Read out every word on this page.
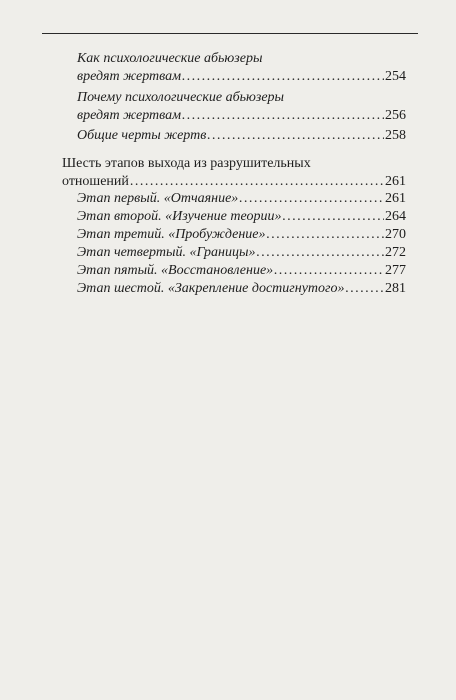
Как психологические абьюзеры
вредят жертвам .....	254
Почему психологические абьюзеры
вредят жертвам .....	256
Общие черты жертв .....	258
Шесть этапов выхода из разрушительных
отношений .....	261
Этап первый. «Отчаяние» .....	261
Этап второй. «Изучение теории» .....	264
Этап третий. «Пробуждение» .....	270
Этап четвертый. «Границы» .....	272
Этап пятый. «Восстановление» .....	277
Этап шестой. «Закрепление достигнутого» .....	281
